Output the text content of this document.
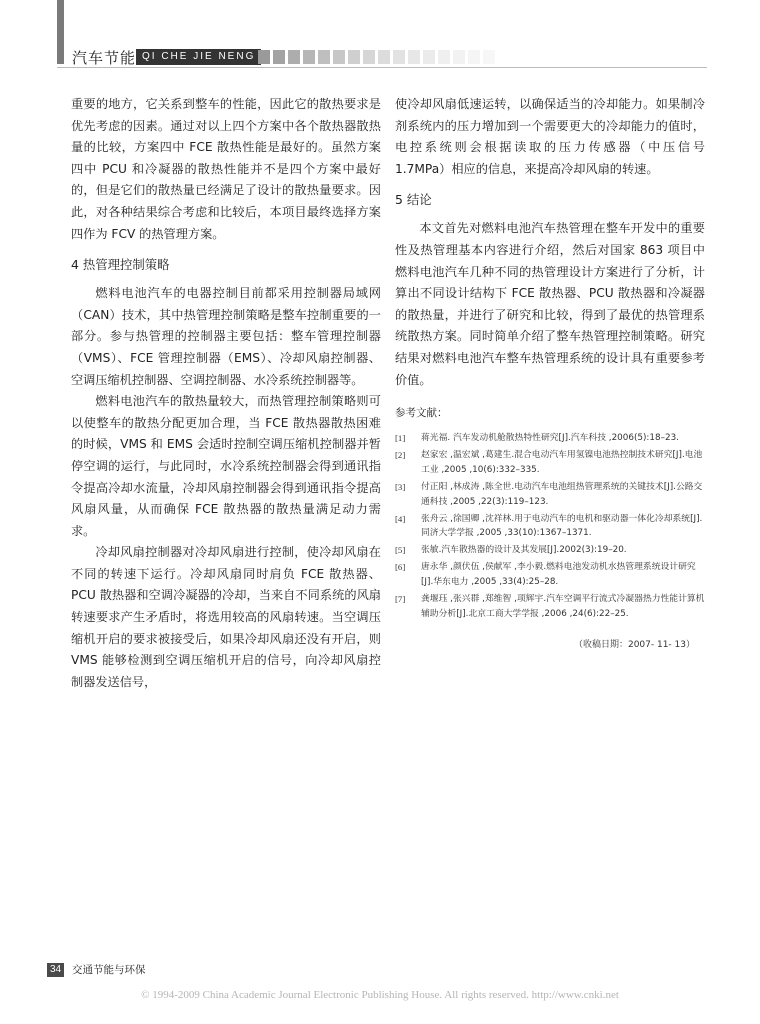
汽车节能 QI CHE JIE NENG

重要的地方，它关系到整车的性能，因此它的散热要求是优先考虑的因素。通过对以上四个方案中各个散热器散热量的比较，方案四中 FCE 散热性能是最好的。虽然方案四中 PCU 和冷凝器的散热性能并不是四个方案中最好的，但是它们的散热量已经满足了设计的散热量要求。因此，对各种结果综合考虑和比较后，本项目最终选择方案四作为 FCV 的热管理方案。

4 热管理控制策略

燃料电池汽车的电器控制目前都采用控制器局域网（CAN）技术，其中热管理控制策略是整车控制重要的一部分。参与热管理的控制器主要包括：整车管理控制器（VMS）、FCE 管理控制器（EMS）、冷却风扇控制器、空调压缩机控制器、空调控制器、水冷系统控制器等。

燃料电池汽车的散热量较大，而热管理控制策略则可以使整车的散热分配更加合理，当 FCE 散热器散热困难的时候，VMS 和 EMS 会适时控制空调压缩机控制器并暂停空调的运行，与此同时，水冷系统控制器会得到通讯指令提高冷却水流量，冷却风扇控制器会得到通讯指令提高风扇风量，从而确保 FCE 散热器的散热量满足动力需求。

冷却风扇控制器对冷却风扇进行控制，使冷却风扇在不同的转速下运行。冷却风扇同时肩负 FCE 散热器、PCU 散热器和空调冷凝器的冷却，当来自不同系统的风扇转速要求产生矛盾时，将选用较高的风扇转速。当空调压缩机开启的要求被接受后，如果冷却风扇还没有开启，则 VMS 能够检测到空调压缩机开启的信号，向冷却风扇控制器发送信号，

使冷却风扇低速运转，以确保适当的冷却能力。如果制冷剂系统内的压力增加到一个需要更大的冷却能力的值时，电控系统则会根据读取的压力传感器（中压信号 1.7MPa）相应的信息，来提高冷却风扇的转速。

5 结论

本文首先对燃料电池汽车热管理在整车开发中的重要性及热管理基本内容进行介绍，然后对国家 863 项目中燃料电池汽车几种不同的热管理设计方案进行了分析，计算出不同设计结构下 FCE 散热器、PCU 散热器和冷凝器的散热量，并进行了研究和比较，得到了最优的热管理系统散热方案。同时简单介绍了整车热管理控制策略。研究结果对燃料电池汽车整车热管理系统的设计具有重要参考价值。

参考文献：
[1] 蒋光福. 汽车发动机舱散热特性研究[J].汽车科技 ,2006(5):18–23.
[2] 赵家宏 ,温宏斌 ,葛建生.混合电动汽车用氢镍电池热控制技术研究[J].电池工业 ,2005 ,10(6):332–335.
[3] 付正阳 ,林成涛 ,陈全世.电动汽车电池组热管理系统的关键技术[J].公路交通科技 ,2005 ,22(3):119–123.
[4] 张舟云 ,徐国卿 ,沈祥林.用于电动汽车的电机和驱动器一体化冷却系统[J].同济大学学报 ,2005 ,33(10):1367–1371.
[5] 张敏.汽车散热器的设计及其发展[J].2002(3):19–20.
[6] 唐永华 ,颜伏伍 ,侯献军 ,李小毅.燃料电池发动机水热管理系统设计研究[J].华东电力 ,2005 ,33(4):25–28.
[7] 龚堰珏 ,张兴群 ,郑维智 ,项辉宇.汽车空调平行流式冷凝器热力性能计算机辅助分析[J].北京工商大学学报 ,2006 ,24(6):22–25.
（收稿日期：2007- 11- 13）
34 交通节能与环保
© 1994-2009 China Academic Journal Electronic Publishing House. All rights reserved. http://www.cnki.net
